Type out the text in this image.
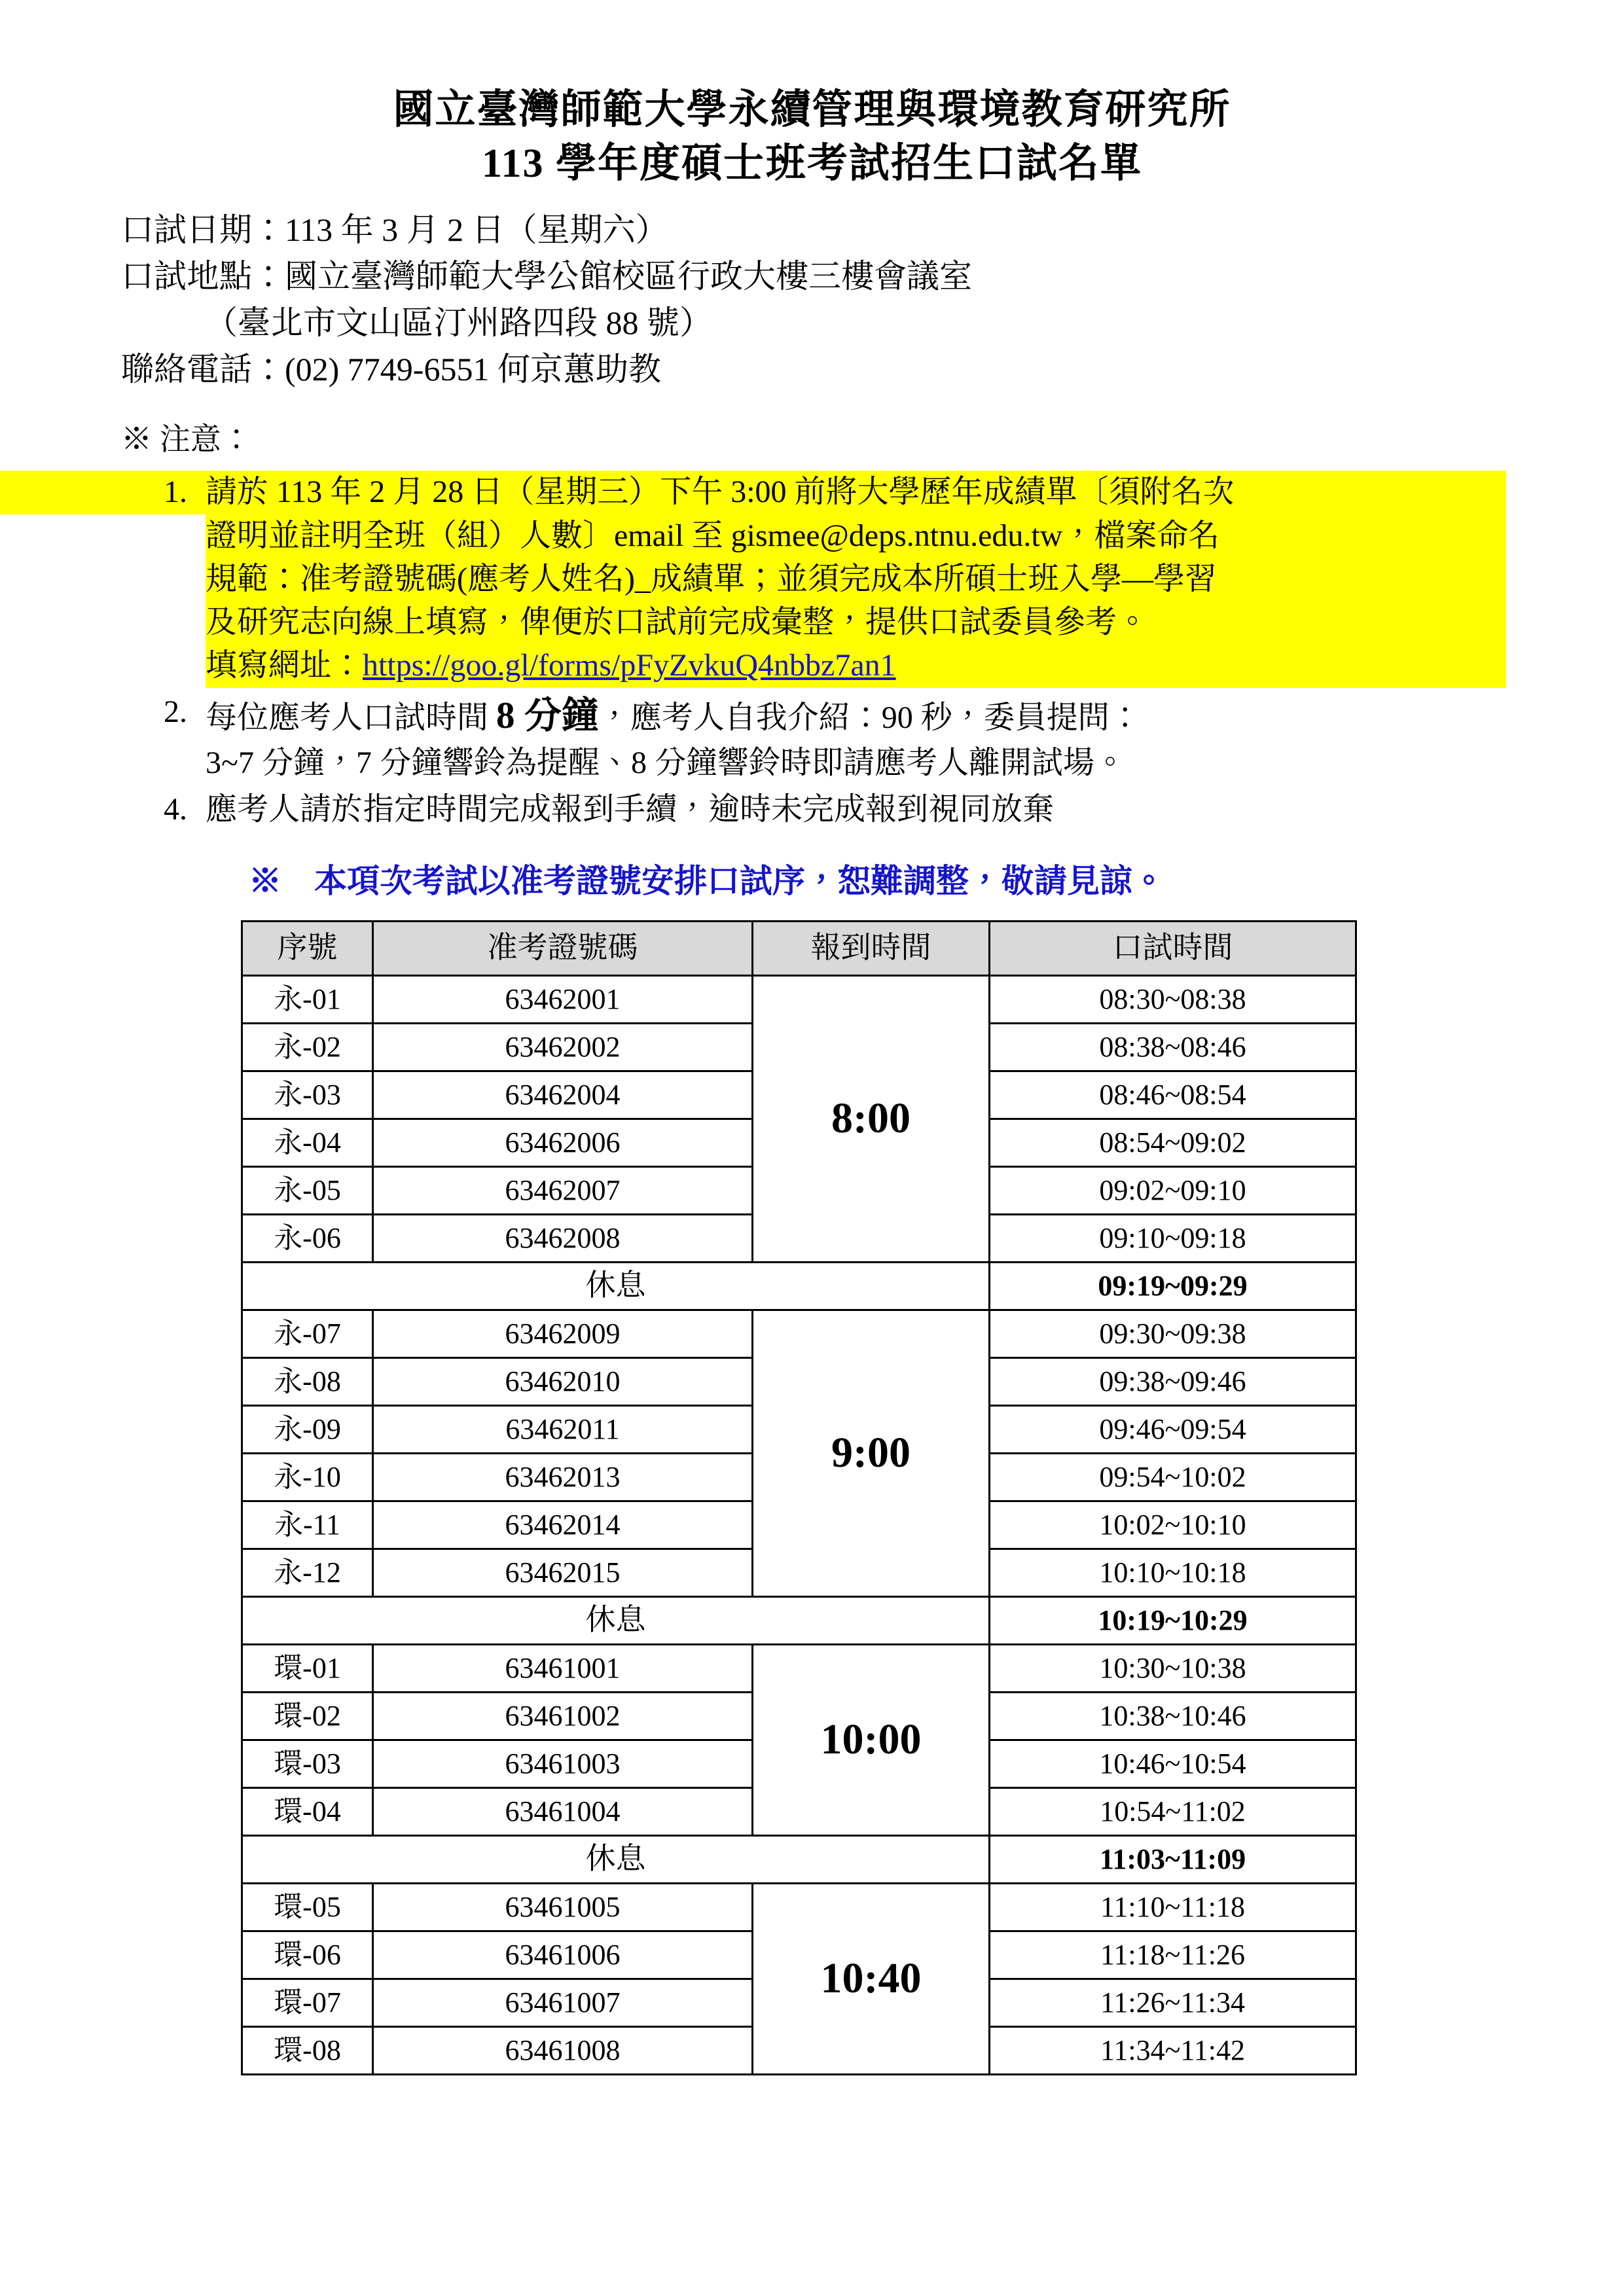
國立臺灣師範大學永續管理與環境教育研究所
113 學年度碩士班考試招生口試名單
口試日期：113 年 3 月 2 日（星期六）
口試地點：國立臺灣師範大學公館校區行政大樓三樓會議室
（臺北市文山區汀州路四段 88 號）
聯絡電話：(02) 7749-6551 何京蕙助教
※ 注意：
1. 請於 113 年 2 月 28 日（星期三）下午 3:00 前將大學歷年成績單〔須附名次
證明並註明全班（組）人數〕email 至 gismee@deps.ntnu.edu.tw，檔案命名
規範：准考證號碼(應考人姓名)_成績單；並須完成本所碩士班入學—學習
及研究志向線上填寫，俾便於口試前完成彙整，提供口試委員參考。
填寫網址：https://goo.gl/forms/pFyZvkuQ4nbbz7an1
2. 每位應考人口試時間 8 分鐘，應考人自我介紹：90 秒，委員提問：
3~7 分鐘，7 分鐘響鈴為提醒、8 分鐘響鈴時即請應考人離開試場。
4. 應考人請於指定時間完成報到手續，逾時未完成報到視同放棄
※　本項次考試以准考證號安排口試序，恕難調整，敬請見諒。
序號	准考證號碼	報到時間	口試時間
永-01	63462001	8:00	08:30~08:38
永-02	63462002		08:38~08:46
永-03	63462004		08:46~08:54
永-04	63462006		08:54~09:02
永-05	63462007		09:02~09:10
永-06	63462008		09:10~09:18
休息			09:19~09:29
永-07	63462009	9:00	09:30~09:38
永-08	63462010		09:38~09:46
永-09	63462011		09:46~09:54
永-10	63462013		09:54~10:02
永-11	63462014		10:02~10:10
永-12	63462015		10:10~10:18
休息			10:19~10:29
環-01	63461001	10:00	10:30~10:38
環-02	63461002		10:38~10:46
環-03	63461003		10:46~10:54
環-04	63461004		10:54~11:02
休息			11:03~11:09
環-05	63461005	10:40	11:10~11:18
環-06	63461006		11:18~11:26
環-07	63461007		11:26~11:34
環-08	63461008		11:34~11:42
